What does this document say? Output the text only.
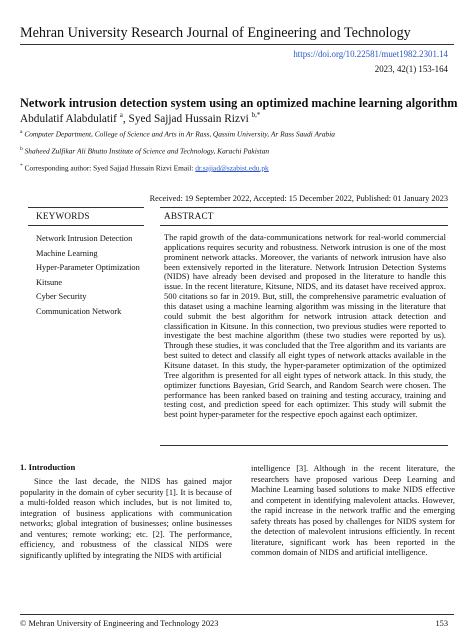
Mehran University Research Journal of Engineering and Technology
https://doi.org/10.22581/muet1982.2301.14
2023, 42(1) 153-164
Network intrusion detection system using an optimized machine learning algorithm
Abdulatif Alabdulatif $^a$, Syed Sajjad Hussain Rizvi $^{b,*}$
$^a$ Computer Department, College of Science and Arts in Ar Rass, Qassim University, Ar Rass Saudi Arabia
$^b$ Shaheed Zulfikar Ali Bhutto Institute of Science and Technology, Karachi Pakistan
* Corresponding author: Syed Sajjad Hussain Rizvi Email: dr.sajjad@szabist.edu.pk
Received: 19 September 2022, Accepted: 15 December 2022, Published: 01 January 2023
KEYWORDS	ABSTRACT
Network Intrusion Detection
Machine Learning
Hyper-Parameter Optimization
Kitsune
Cyber Security
Communication Network

The rapid growth of the data-communications network for real-world commercial applications requires security and robustness. Network intrusion is one of the most prominent network attacks. Moreover, the variants of network intrusion have also been extensively reported in the literature. Network Intrusion Detection Systems (NIDS) have already been devised and proposed in the literature to handle this issue. In the recent literature, Kitsune, NIDS, and its dataset have received approx. 500 citations so far in 2019. But, still, the comprehensive parametric evaluation of this dataset using a machine learning algorithm was missing in the literature that could submit the best algorithm for network intrusion attack detection and classification in Kitsune. In this connection, two previous studies were reported to investigate the best machine algorithm (these two studies were reported by us). Through these studies, it was concluded that the Tree algorithm and its variants are best suited to detect and classify all eight types of network attacks available in the Kitsune dataset. In this study, the hyper-parameter optimization of the optimized Tree algorithm is presented for all eight types of network attack. In this study, the optimizer functions Bayesian, Grid Search, and Random Search were chosen. The performance has been ranked based on training and testing accuracy, training and testing cost, and prediction speed for each optimizer. This study will submit the best point hyper-parameter for the respective epoch against each optimizer.

1. Introduction

Since the last decade, the NIDS has gained major popularity in the domain of cyber security [1]. It is because of a multi-folded reason which includes, but is not limited to, integration of business applications with communication networks; global integration of businesses; online businesses and ventures; remote working; etc. [2]. The performance, efficiency, and robustness of the classical NIDS were significantly uplifted by integrating the NIDS with artificial

intelligence [3]. Although in the recent literature, the researchers have proposed various Deep Learning and Machine Learning based solutions to make NIDS effective and competent in identifying malevolent attacks. However, the rapid increase in the network traffic and the emerging safety threats has posed by challenges for NIDS system for the detection of malevolent intrusions efficiently. In recent literature, significant work has been reported in the common domain of NIDS and artificial intelligence.

© Mehran University of Engineering and Technology 2023	153
